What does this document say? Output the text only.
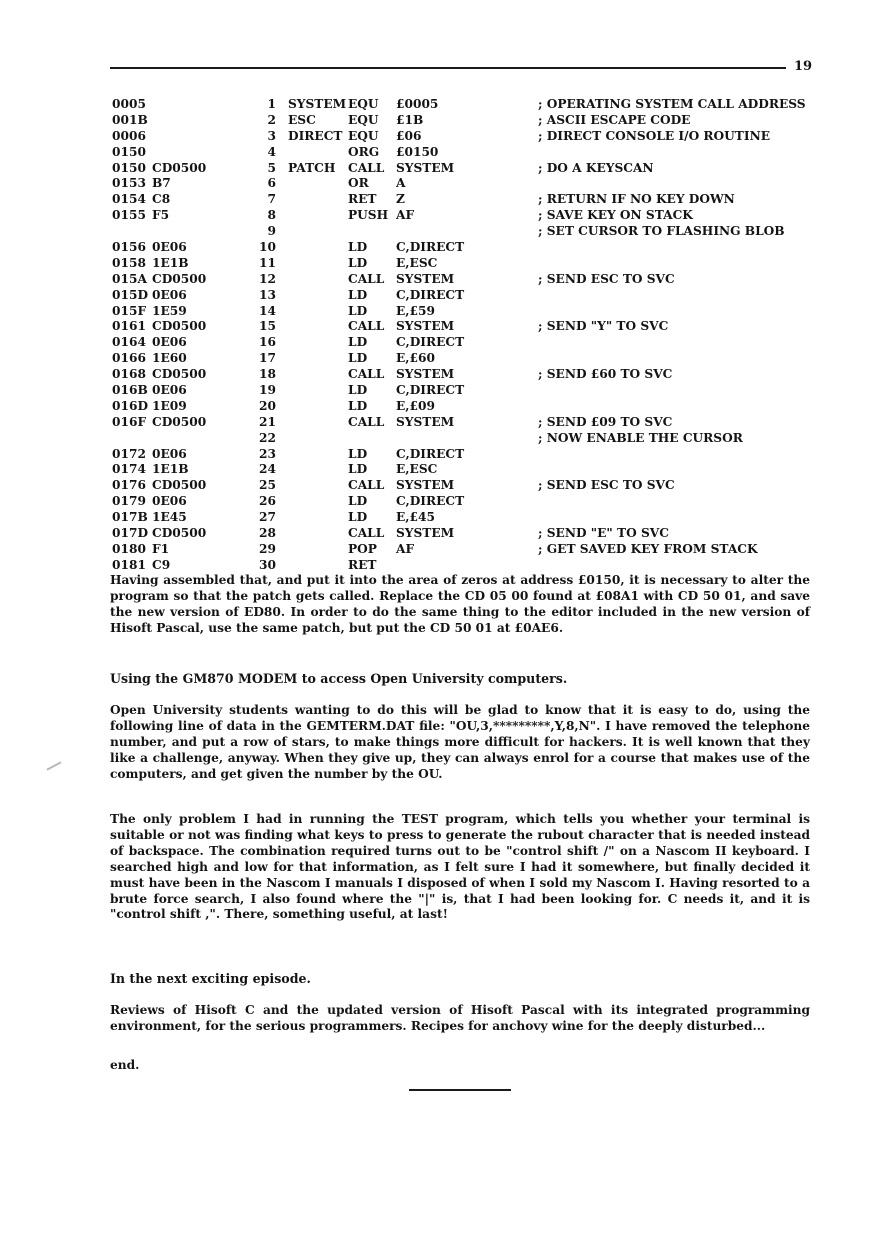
19
0005	1 SYSTEM EQU £0005	; OPERATING SYSTEM CALL ADDRESS
001B	2 ESC	EQU £1B	; ASCII ESCAPE CODE
0006	3 DIRECT EQU £06	; DIRECT CONSOLE I/O ROUTINE
0150	4	ORG £0150
0150 CD0500	5 PATCH CALL SYSTEM	; DO A KEYSCAN
0153 B7	6	OR A
0154 C8	7	RET Z	; RETURN IF NO KEY DOWN
0155 F5	8	PUSH AF	; SAVE KEY ON STACK
9	; SET CURSOR TO FLASHING BLOB
0156 0E06	10	LD C,DIRECT
0158 1E1B	11	LD E,ESC
015A CD0500	12	CALL SYSTEM	; SEND ESC TO SVC
015D 0E06	13	LD C,DIRECT
015F 1E59	14	LD E,£59
0161 CD0500	15	CALL SYSTEM	; SEND "Y" TO SVC
0164 0E06	16	LD C,DIRECT
0166 1E60	17	LD E,£60
0168 CD0500	18	CALL SYSTEM	; SEND £60 TO SVC
016B 0E06	19	LD C,DIRECT
016D 1E09	20	LD E,£09
016F CD0500	21	CALL SYSTEM	; SEND £09 TO SVC
22	; NOW ENABLE THE CURSOR
0172 0E06	23	LD C,DIRECT
0174 1E1B	24	LD E,ESC
0176 CD0500	25	CALL SYSTEM	; SEND ESC TO SVC
0179 0E06	26	LD C,DIRECT
017B 1E45	27	LD E,£45
017D CD0500	28	CALL SYSTEM	; SEND "E" TO SVC
0180 F1	29	POP AF	; GET SAVED KEY FROM STACK
0181 C9	30	RET

Having assembled that, and put it into the area of zeros at address £0150, it is necessary to alter the program so that the patch gets called. Replace the CD 05 00 found at £08A1 with CD 50 01, and save the new version of ED80. In order to do the same thing to the editor included in the new version of Hisoft Pascal, use the same patch, but put the CD 50 01 at £0AE6.

Using the GM870 MODEM to access Open University computers.

Open University students wanting to do this will be glad to know that it is easy to do, using the following line of data in the GEMTERM.DAT file: "OU,3,*********,Y,8,N". I have removed the telephone number, and put a row of stars, to make things more difficult for hackers. It is well known that they like a challenge, anyway. When they give up, they can always enrol for a course that makes use of the computers, and get given the number by the OU.

The only problem I had in running the TEST program, which tells you whether your terminal is suitable or not was finding what keys to press to generate the rubout character that is needed instead of backspace. The combination required turns out to be "control shift /" on a Nascom II keyboard. I searched high and low for that information, as I felt sure I had it somewhere, but finally decided it must have been in the Nascom I manuals I disposed of when I sold my Nascom I. Having resorted to a brute force search, I also found where the "|" is, that I had been looking for. C needs it, and it is "control shift ,". There, something useful, at last!

In the next exciting episode.

Reviews of Hisoft C and the updated version of Hisoft Pascal with its integrated programming environment, for the serious programmers. Recipes for anchovy wine for the deeply disturbed...

end.
